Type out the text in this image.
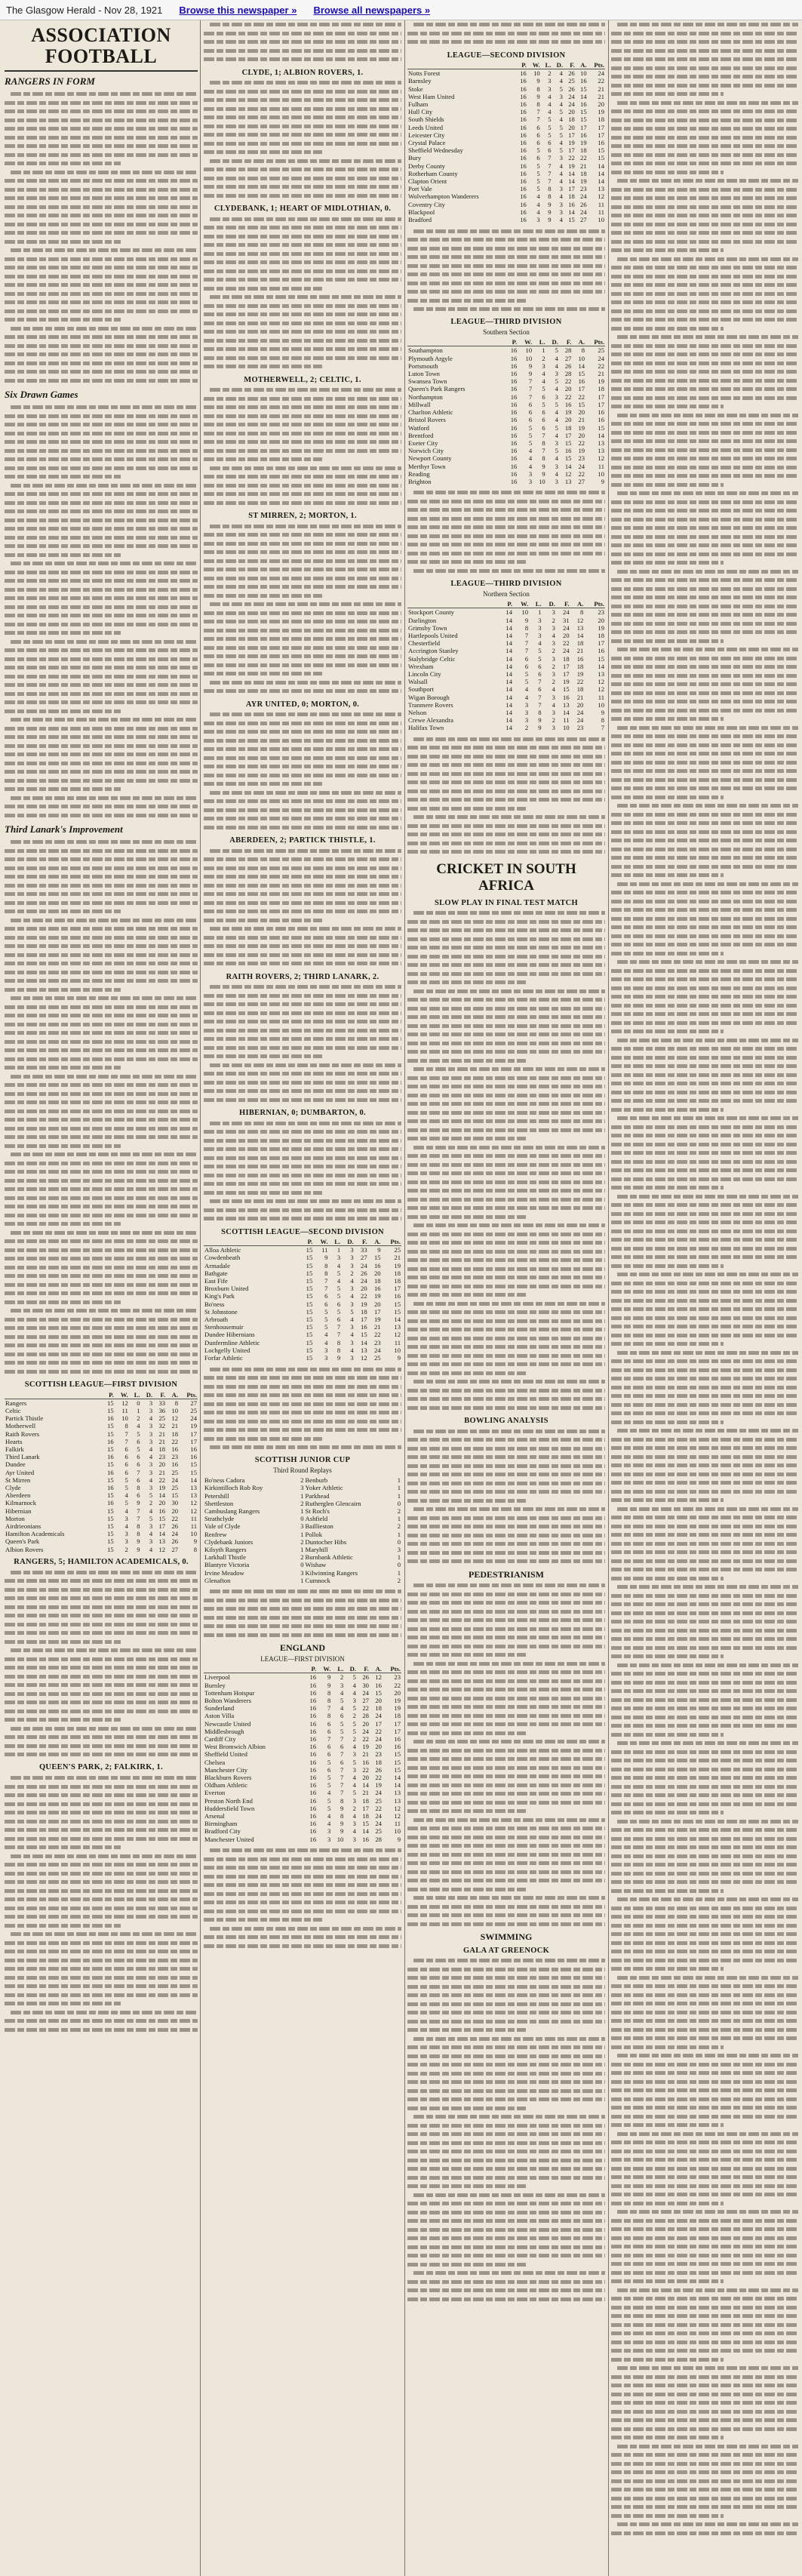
The Glasgow Herald - Nov 28, 1921 Browse this newspaper » Browse all newspapers »
ASSOCIATION FOOTBALL
RANGERS IN FORM
Six Drawn Games
Third Lanark's Improvement
SCOTTISH LEAGUE—FIRST DIVISION
	P.	W.	L.	D.	F.	A.	Pts.
Rangers	15	12	0	3	33	8	27
Celtic	15	11	1	3	36	10	25
Partick Thistle	16	10	2	4	25	12	24
Motherwell	15	8	4	3	32	21	19
Raith Rovers	15	7	5	3	21	18	17
Hearts	16	7	6	3	21	22	17
Falkirk	15	6	5	4	18	16	16
Third Lanark	16	6	6	4	23	23	16
Dundee	15	6	6	3	20	16	15
Ayr United	16	6	7	3	21	25	15
St Mirren	15	5	6	4	22	24	14
Clyde	16	5	8	3	19	25	13
Aberdeen	15	4	6	5	14	15	13
Kilmarnock	16	5	9	2	20	30	12
Hibernian	15	4	7	4	16	20	12
Morton	15	3	7	5	15	22	11
Airdrieonians	15	4	8	3	17	26	11
Hamilton Academicals	15	3	8	4	14	24	10
Queen's Park	15	3	9	3	13	26	9
Albion Rovers	15	2	9	4	12	27	8
RANGERS, 5; HAMILTON ACADEMICALS, 0.
QUEEN'S PARK, 2; FALKIRK, 1.
CLYDE, 1; ALBION ROVERS, 1.
CLYDEBANK, 1; HEART OF MIDLOTHIAN, 0.
MOTHERWELL, 2; CELTIC, 1.
ST MIRREN, 2; MORTON, 1.
AYR UNITED, 0; MORTON, 0.
ABERDEEN, 2; PARTICK THISTLE, 1.
RAITH ROVERS, 2; THIRD LANARK, 2.
HIBERNIAN, 0; DUMBARTON, 0.
SCOTTISH LEAGUE—SECOND DIVISION
	P.	W.	L.	D.	F.	A.	Pts.
Alloa Athletic	15	11	1	3	33	9	25
Cowdenbeath	15	9	3	3	27	15	21
Armadale	15	8	4	3	24	16	19
Bathgate	15	8	5	2	26	20	18
East Fife	15	7	4	4	24	18	18
Broxburn United	15	7	5	3	20	16	17
King's Park	15	6	5	4	22	19	16
Bo'ness	15	6	6	3	19	20	15
St Johnstone	15	5	5	5	18	17	15
Arbroath	15	5	6	4	17	19	14
Stenhousemuir	15	5	7	3	16	21	13
Dundee Hibernians	15	4	7	4	15	22	12
Dunfermline Athletic	15	4	8	3	14	23	11
Lochgelly United	15	3	8	4	13	24	10
Forfar Athletic	15	3	9	3	12	25	9
SCOTTISH JUNIOR CUP
Third Round Replays
Bo'ness Cadora	2	Benburb	1
Kirkintilloch Rob Roy	3	Yoker Athletic	1
Petershill	1	Parkhead	1
Shettleston	2	Rutherglen Glencairn	0
Cambuslang Rangers	1	St Roch's	2
Strathclyde	0	Ashfield	1
Vale of Clyde	3	Baillieston	2
Renfrew	1	Pollok	1
Clydebank Juniors	2	Duntocher Hibs	0
Kilsyth Rangers	1	Maryhill	3
Larkhall Thistle	2	Burnbank Athletic	1
Blantyre Victoria	0	Wishaw	0
Irvine Meadow	3	Kilwinning Rangers	1
Glenafton	1	Cumnock	2
ENGLAND
LEAGUE—FIRST DIVISION
	P.	W.	L.	D.	F.	A.	Pts.
Liverpool	16	9	2	5	26	12	23
Burnley	16	9	3	4	30	16	22
Tottenham Hotspur	16	8	4	4	24	15	20
Bolton Wanderers	16	8	5	3	27	20	19
Sunderland	16	7	4	5	22	18	19
Aston Villa	16	8	6	2	28	24	18
Newcastle United	16	6	5	5	20	17	17
Middlesbrough	16	6	5	5	24	22	17
Cardiff City	16	7	7	2	22	24	16
West Bromwich Albion	16	6	6	4	19	20	16
Sheffield United	16	6	7	3	21	23	15
Chelsea	16	5	6	5	16	18	15
Manchester City	16	6	7	3	22	26	15
Blackburn Rovers	16	5	7	4	20	22	14
Oldham Athletic	16	5	7	4	14	19	14
Everton	16	4	7	5	21	24	13
Preston North End	16	5	8	3	18	25	13
Huddersfield Town	16	5	9	2	17	22	12
Arsenal	16	4	8	4	18	24	12
Birmingham	16	4	9	3	15	24	11
Bradford City	16	3	9	4	14	25	10
Manchester United	16	3	10	3	16	28	9
LEAGUE—SECOND DIVISION
	P.	W.	L.	D.	F.	A.	Pts.
Notts Forest	16	10	2	4	26	10	24
Barnsley	16	9	3	4	25	16	22
Stoke	16	8	3	5	26	15	21
West Ham United	16	9	4	3	24	14	21
Fulham	16	8	4	4	24	16	20
Hull City	16	7	4	5	20	15	19
South Shields	16	7	5	4	18	15	18
Leeds United	16	6	5	5	20	17	17
Leicester City	16	6	5	5	17	16	17
Crystal Palace	16	6	6	4	19	19	16
Sheffield Wednesday	16	5	6	5	17	18	15
Bury	16	6	7	3	22	22	15
Derby County	16	5	7	4	19	21	14
Rotherham County	16	5	7	4	14	18	14
Clapton Orient	16	5	7	4	14	19	14
Port Vale	16	5	8	3	17	23	13
Wolverhampton Wanderers	16	4	8	4	18	24	12
Coventry City	16	4	9	3	16	26	11
Blackpool	16	4	9	3	14	24	11
Bradford	16	3	9	4	15	27	10
LEAGUE—THIRD DIVISION
Southern Section
	P.	W.	L.	D.	F.	A.	Pts.
Southampton	16	10	1	5	28	8	25
Plymouth Argyle	16	10	2	4	27	10	24
Portsmouth	16	9	3	4	26	14	22
Luton Town	16	9	4	3	28	15	21
Swansea Town	16	7	4	5	22	16	19
Queen's Park Rangers	16	7	5	4	20	17	18
Northampton	16	7	6	3	22	22	17
Millwall	16	6	5	5	16	15	17
Charlton Athletic	16	6	6	4	19	20	16
Bristol Rovers	16	6	6	4	20	21	16
Watford	16	5	6	5	18	19	15
Brentford	16	5	7	4	17	20	14
Exeter City	16	5	8	3	15	22	13
Norwich City	16	4	7	5	16	19	13
Newport County	16	4	8	4	15	23	12
Merthyr Town	16	4	9	3	14	24	11
Reading	16	3	9	4	12	22	10
Brighton	16	3	10	3	13	27	9
LEAGUE—THIRD DIVISION
Northern Section
	P.	W.	L.	D.	F.	A.	Pts.
Stockport County	14	10	1	3	24	8	23
Darlington	14	9	3	2	31	12	20
Grimsby Town	14	8	3	3	24	13	19
Hartlepools United	14	7	3	4	20	14	18
Chesterfield	14	7	4	3	22	18	17
Accrington Stanley	14	7	5	2	24	21	16
Stalybridge Celtic	14	6	5	3	18	16	15
Wrexham	14	6	6	2	17	18	14
Lincoln City	14	5	6	3	17	19	13
Walsall	14	5	7	2	19	22	12
Southport	14	4	6	4	15	18	12
Wigan Borough	14	4	7	3	16	21	11
Tranmere Rovers	14	3	7	4	13	20	10
Nelson	14	3	8	3	14	24	9
Crewe Alexandra	14	3	9	2	11	24	8
Halifax Town	14	2	9	3	10	23	7
CRICKET IN SOUTH AFRICA
SLOW PLAY IN FINAL TEST MATCH
BOWLING ANALYSIS
PEDESTRIANISM
SWIMMING
GALA AT GREENOCK
